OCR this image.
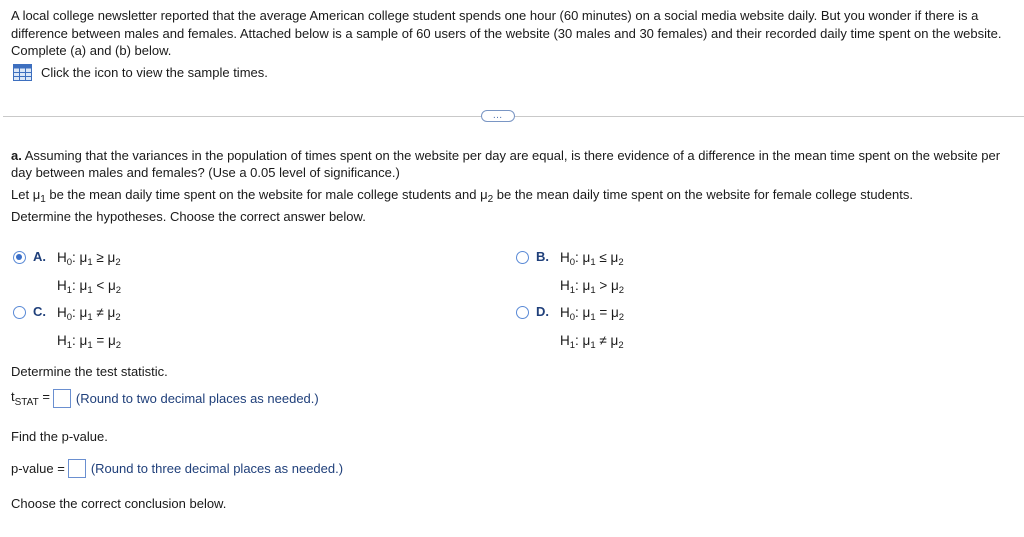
A local college newsletter reported that the average American college student spends one hour (60 minutes) on a social media website daily. But you wonder if there is a difference between males and females. Attached below is a sample of 60 users of the website (30 males and 30 females) and their recorded daily time spent on the website. Complete (a) and (b) below.
Click the icon to view the sample times.
…
a. Assuming that the variances in the population of times spent on the website per day are equal, is there evidence of a difference in the mean time spent on the website per day between males and females? (Use a 0.05 level of significance.)
Let $\mu_1$ be the mean daily time spent on the website for male college students and $\mu_2$ be the mean daily time spent on the website for female college students.
Determine the hypotheses. Choose the correct answer below.
A. $H_0$: $\mu_1 \ge \mu_2$
$H_1$: $\mu_1 < \mu_2$
B. $H_0$: $\mu_1 \le \mu_2$
$H_1$: $\mu_1 > \mu_2$
C. $H_0$: $\mu_1 \ne \mu_2$
$H_1$: $\mu_1 = \mu_2$
D. $H_0$: $\mu_1 = \mu_2$
$H_1$: $\mu_1 \ne \mu_2$
Determine the test statistic.
$t_{STAT}$ = (Round to two decimal places as needed.)
Find the p-value.
p-value = (Round to three decimal places as needed.)
Choose the correct conclusion below.
